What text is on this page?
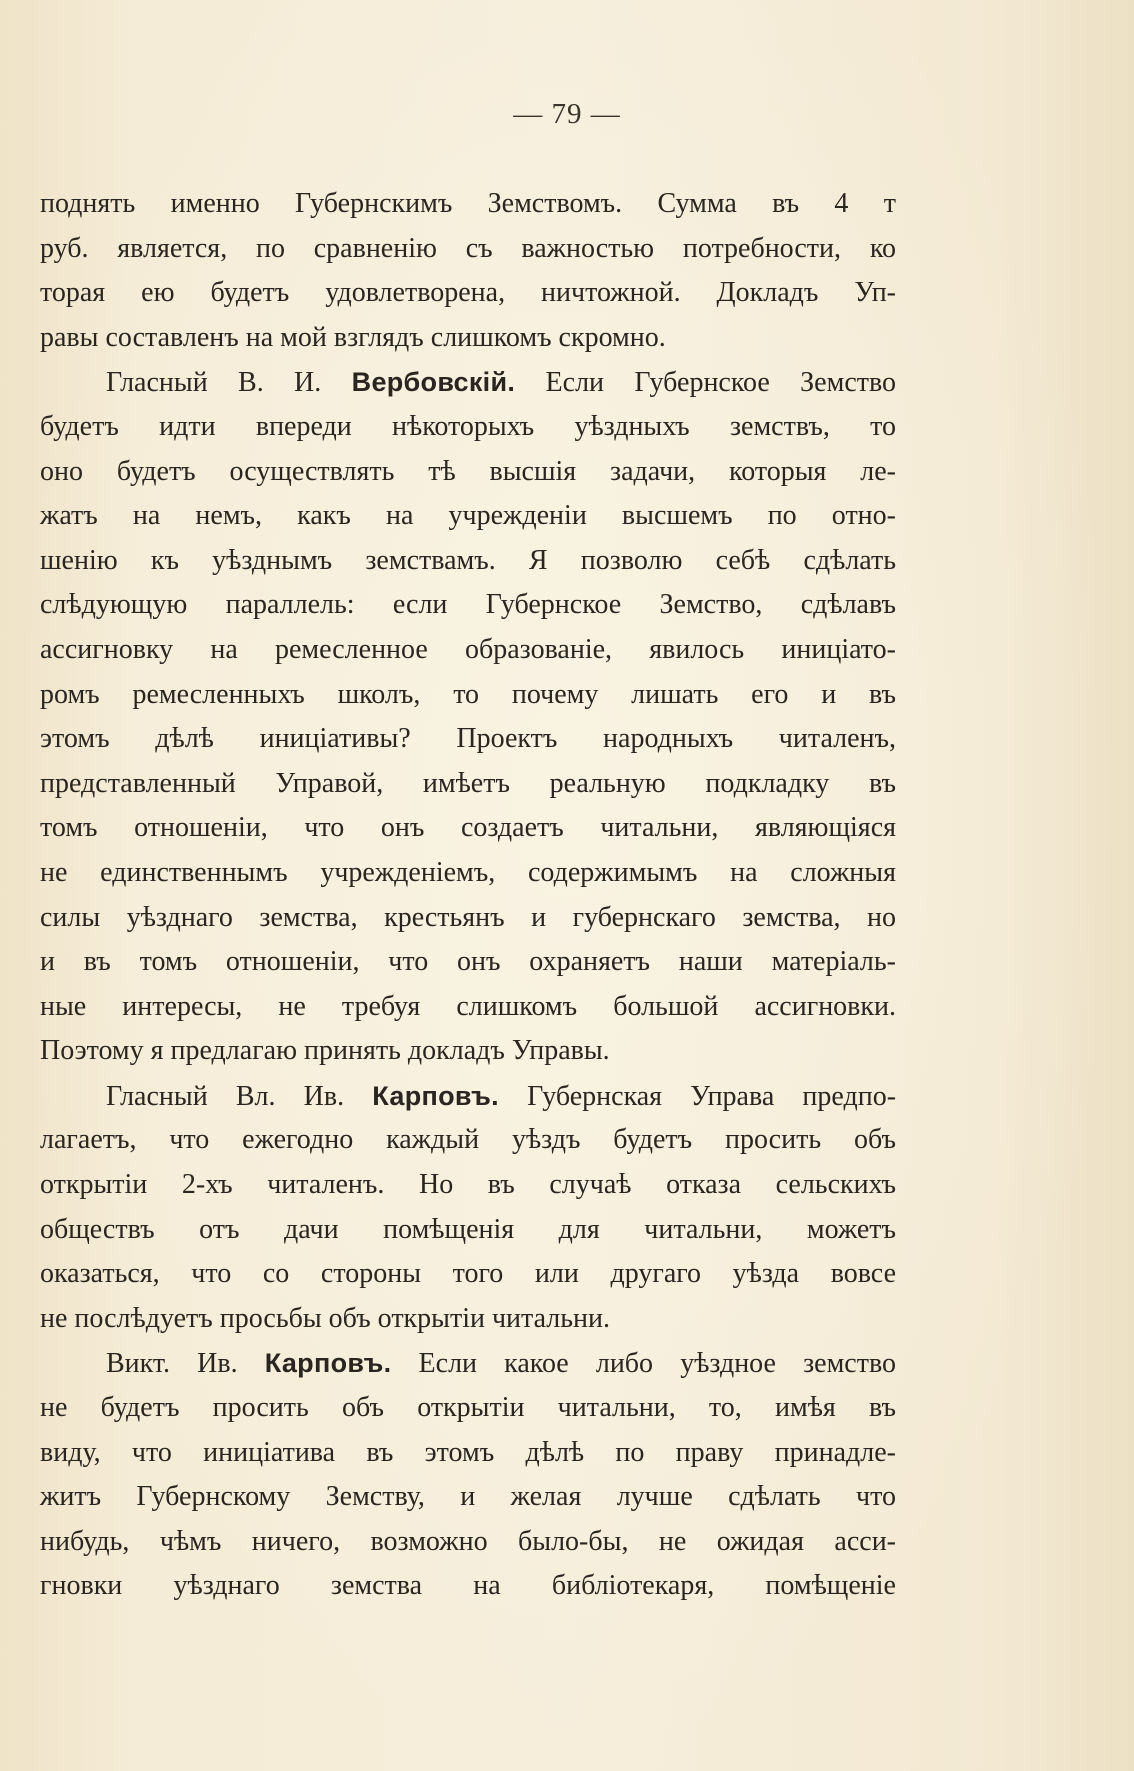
— 79 —
поднять именно Губернскимъ Земствомъ. Сумма въ 4 т
руб. является, по сравненію съ важностью потребности, ко
торая ею будетъ удовлетворена, ничтожной. Докладъ Уп-
равы составленъ на мой взглядъ слишкомъ скромно.
Гласный В. И. Вербовскій. Если Губернское Земство
будетъ идти впереди нѣкоторыхъ уѣздныхъ земствъ, то
оно будетъ осуществлять тѣ высшія задачи, которыя ле-
жатъ на немъ, какъ на учрежденіи высшемъ по отно-
шенію къ уѣзднымъ земствамъ. Я позволю себѣ сдѣлать
слѣдующую параллель: если Губернское Земство, сдѣлавъ
ассигновку на ремесленное образованіе, явилось иниціато-
ромъ ремесленныхъ школъ, то почему лишать его и въ
этомъ дѣлѣ иниціативы? Проектъ народныхъ читаленъ,
представленный Управой, имѣетъ реальную подкладку въ
томъ отношеніи, что онъ создаетъ читальни, являющіяся
не единственнымъ учрежденіемъ, содержимымъ на сложныя
силы уѣзднаго земства, крестьянъ и губернскаго земства, но
и въ томъ отношеніи, что онъ охраняетъ наши матеріаль-
ные интересы, не требуя слишкомъ большой ассигновки.
Поэтому я предлагаю принять докладъ Управы.
Гласный Вл. Ив. Карповъ. Губернская Управа предпо-
лагаетъ, что ежегодно каждый уѣздъ будетъ просить объ
открытіи 2-хъ читаленъ. Но въ случаѣ отказа сельскихъ
обществъ отъ дачи помѣщенія для читальни, можетъ
оказаться, что со стороны того или другаго уѣзда вовсе
не послѣдуетъ просьбы объ открытіи читальни.
Викт. Ив. Карповъ. Если какое либо уѣздное земство
не будетъ просить объ открытіи читальни, то, имѣя въ
виду, что иниціатива въ этомъ дѣлѣ по праву принадле-
житъ Губернскому Земству, и желая лучше сдѣлать что
нибудь, чѣмъ ничего, возможно было-бы, не ожидая асси-
гновки уѣзднаго земства на библіотекаря, помѣщеніе
